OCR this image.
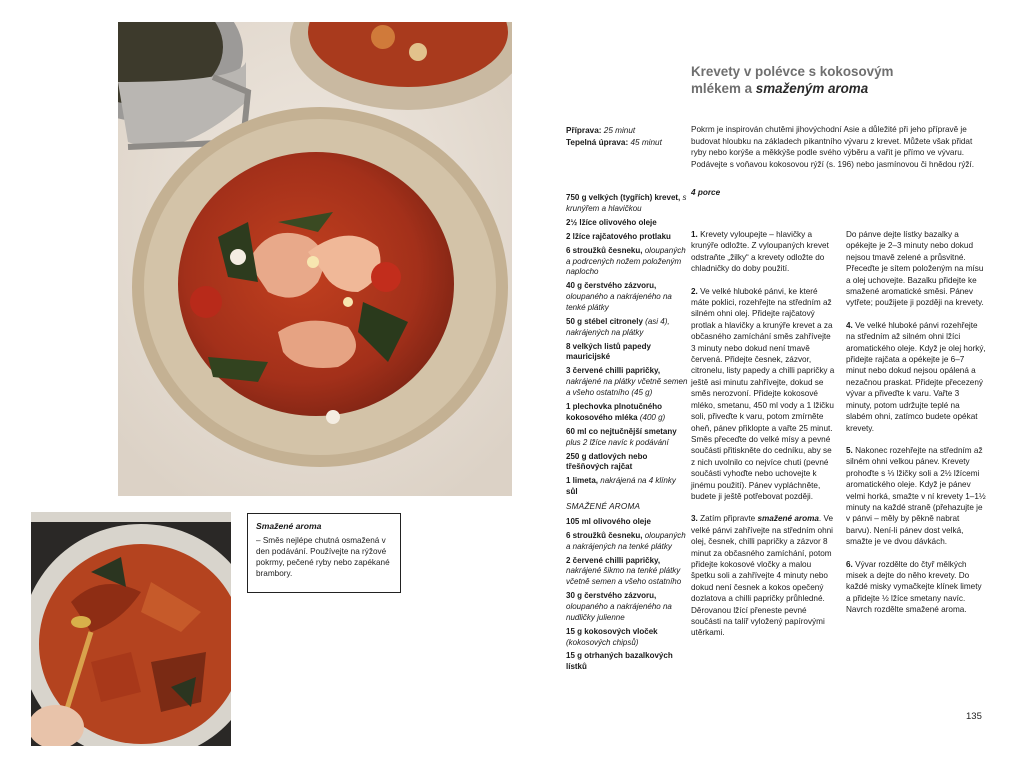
Smažené aroma
– Směs nejlépe chutná osmažená v den podávání. Používejte na rýžové pokrmy, pečené ryby nebo zapékané brambory.
Krevety v polévce s kokosovým
mlékem a smaženým aroma
Příprava: 25 minut
Tepelná úprava: 45 minut
Pokrm je inspirován chutěmi jihovýchodní Asie a důležité při jeho přípravě je budovat hloubku na základech pikantního vývaru z krevet. Můžete však přidat ryby nebo korýše a měkkýše podle svého výběru a vařit je přímo ve vývaru. Podávejte s voňavou kokosovou rýží (s. 196) nebo jasmínovou či hnědou rýží.
4 porce
750 g velkých (tygřích) krevet, s krunýřem a hlavičkou
2½ lžíce olivového oleje
2 lžíce rajčatového protlaku
6 stroužků česneku, oloupaných a podrcených nožem položeným naplocho
40 g čerstvého zázvoru, oloupaného a nakrájeného na tenké plátky
50 g stébel citronely (asi 4), nakrájených na plátky
8 velkých listů papedy mauricijské
3 červené chilli papričky, nakrájené na plátky včetně semen a všeho ostatního (45 g)
1 plechovka plnotučného kokosového mléka (400 g)
60 ml co nejtučnější smetany plus 2 lžíce navíc k podávání
250 g datlových nebo třešňových rajčat
1 limeta, nakrájená na 4 klínky
sůl
SMAŽENÉ AROMA
105 ml olivového oleje
6 stroužků česneku, oloupaných a nakrájených na tenké plátky
2 červené chilli papričky, nakrájené šikmo na tenké plátky včetně semen a všeho ostatního
30 g čerstvého zázvoru, oloupaného a nakrájeného na nudličky julienne
15 g kokosových vloček (kokosových chipsů)
15 g otrhaných bazalkových lístků
1. Krevety vyloupejte – hlavičky a krunýře odložte. Z vyloupaných krevet odstraňte „žilky“ a krevety odložte do chladničky do doby použití.
2. Ve velké hluboké pánvi, ke které máte poklici, rozehřejte na středním až silném ohni olej. Přidejte rajčatový protlak a hlavičky a krunýře krevet a za občasného zamíchání směs zahřívejte 3 minuty nebo dokud není tmavě červená. Přidejte česnek, zázvor, citronelu, listy papedy a chilli papričky a ještě asi minutu zahřívejte, dokud se směs nerozvoní. Přidejte kokosové mléko, smetanu, 450 ml vody a 1 lžičku soli, přiveďte k varu, potom zmírněte oheň, pánev přiklopte a vařte 25 minut. Směs přeceďte do velké mísy a pevné součásti přitiskněte do cedníku, aby se z nich uvolnilo co nejvíce chuti (pevné součásti vyhoďte nebo uchovejte k jinému použití). Pánev vypláchněte, budete ji ještě potřebovat později.
3. Zatím připravte smažené aroma. Ve velké pánvi zahřívejte na středním ohni olej, česnek, chilli papričky a zázvor 8 minut za občasného zamíchání, potom přidejte kokosové vločky a malou špetku soli a zahřívejte 4 minuty nebo dokud není česnek a kokos opečený dozlatova a chilli papričky průhledné. Děrovanou lžící přeneste pevné součásti na talíř vyložený papírovými utěrkami.
Do pánve dejte lístky bazalky a opékejte je 2–3 minuty nebo dokud nejsou tmavě zelené a průsvitné. Přeceďte je sítem položeným na mísu a olej uchovejte. Bazalku přidejte ke smažené aromatické směsi. Pánev vytřete; použijete ji později na krevety.
4. Ve velké hluboké pánvi rozehřejte na středním až silném ohni lžíci aromatického oleje. Když je olej horký, přidejte rajčata a opékejte je 6–7 minut nebo dokud nejsou opálená a nezačnou praskat. Přidejte přecezený vývar a přiveďte k varu. Vařte 3 minuty, potom udržujte teplé na slabém ohni, zatímco budete opékat krevety.
5. Nakonec rozehřejte na středním až silném ohni velkou pánev. Krevety prohoďte s ⅓ lžičky soli a 2½ lžícemi aromatického oleje. Když je pánev velmi horká, smažte v ní krevety 1–1½ minuty na každé straně (přehazujte je v pánvi – měly by pěkně nabrat barvu). Není-li pánev dost velká, smažte je ve dvou dávkách.
6. Vývar rozdělte do čtyř mělkých misek a dejte do něho krevety. Do každé misky vymačkejte klínek limety a přidejte ½ lžíce smetany navíc. Navrch rozdělte smažené aroma.
135
